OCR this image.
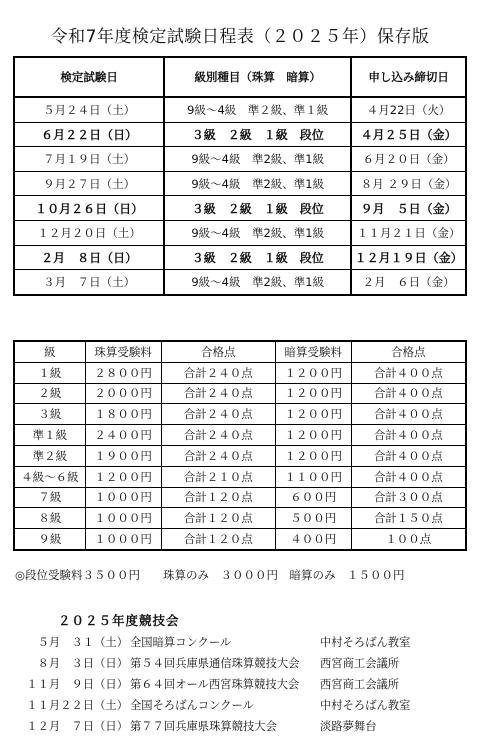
令和7年度検定試験日程表（２０２５年）保存版
検定試験日	級別種目（珠算　暗算）	申し込み締切日
５月２４日（土）	9級～4級　準２級、準１級	４月22日（火）
６月２２日（日）	３級　２級　１級　段位	４月２５日（金）
７月１９日（土）	9級～4級　準2級、準1級	６月２０日（金）
９月２７日（土）	9級～4級　準2級、準1級	８月 ２９日（金）
１０月２６日（日）	３級　２級　１級　段位	９月　５日（金）
１２月２０日（土）	9級～4級　準2級、準1級	１１月２１日（金）
２月　８日（日）	３級　２級　１級　段位	１２月１９日（金）
３月　７日（土）	9級～4級　準2級、準1級	２月　６日（金）
級	珠算受験料	合格点	暗算受験料	合格点
１級	２８００円	合計２４０点	１２００円	合計４００点
２級	２０００円	合計２４０点	１２００円	合計４００点
３級	１８００円	合計２４０点	１２００円	合計４００点
準１級	２４００円	合計２４０点	１２００円	合計４００点
準２級	１９００円	合計２４０点	１２００円	合計４００点
４級～６級	１２００円	合計２１０点	１１００円	合計４００点
７級	１０００円	合計１２０点	６００円	合計３００点
８級	１０００円	合計１２０点	５００円	合計１５０点
９級	１０００円	合計１２０点	４００円	１００点
◎段位受験料３５００円　　珠算のみ　３０００円　暗算のみ　１５００円
２０２５年度競技会
５月　３１（土） 全国暗算コンクール	中村そろばん教室
８月　３日（日） 第５４回兵庫県通信珠算競技大会 西宮商工会議所
１１月　９日（日） 第６４回オール西宮珠算競技大会 西宮商工会議所
１１月２２日（土） 全国そろばんコンクール	中村そろばん教室
１２月　７日（日） 第７７回兵庫県珠算競技大会	淡路夢舞台
